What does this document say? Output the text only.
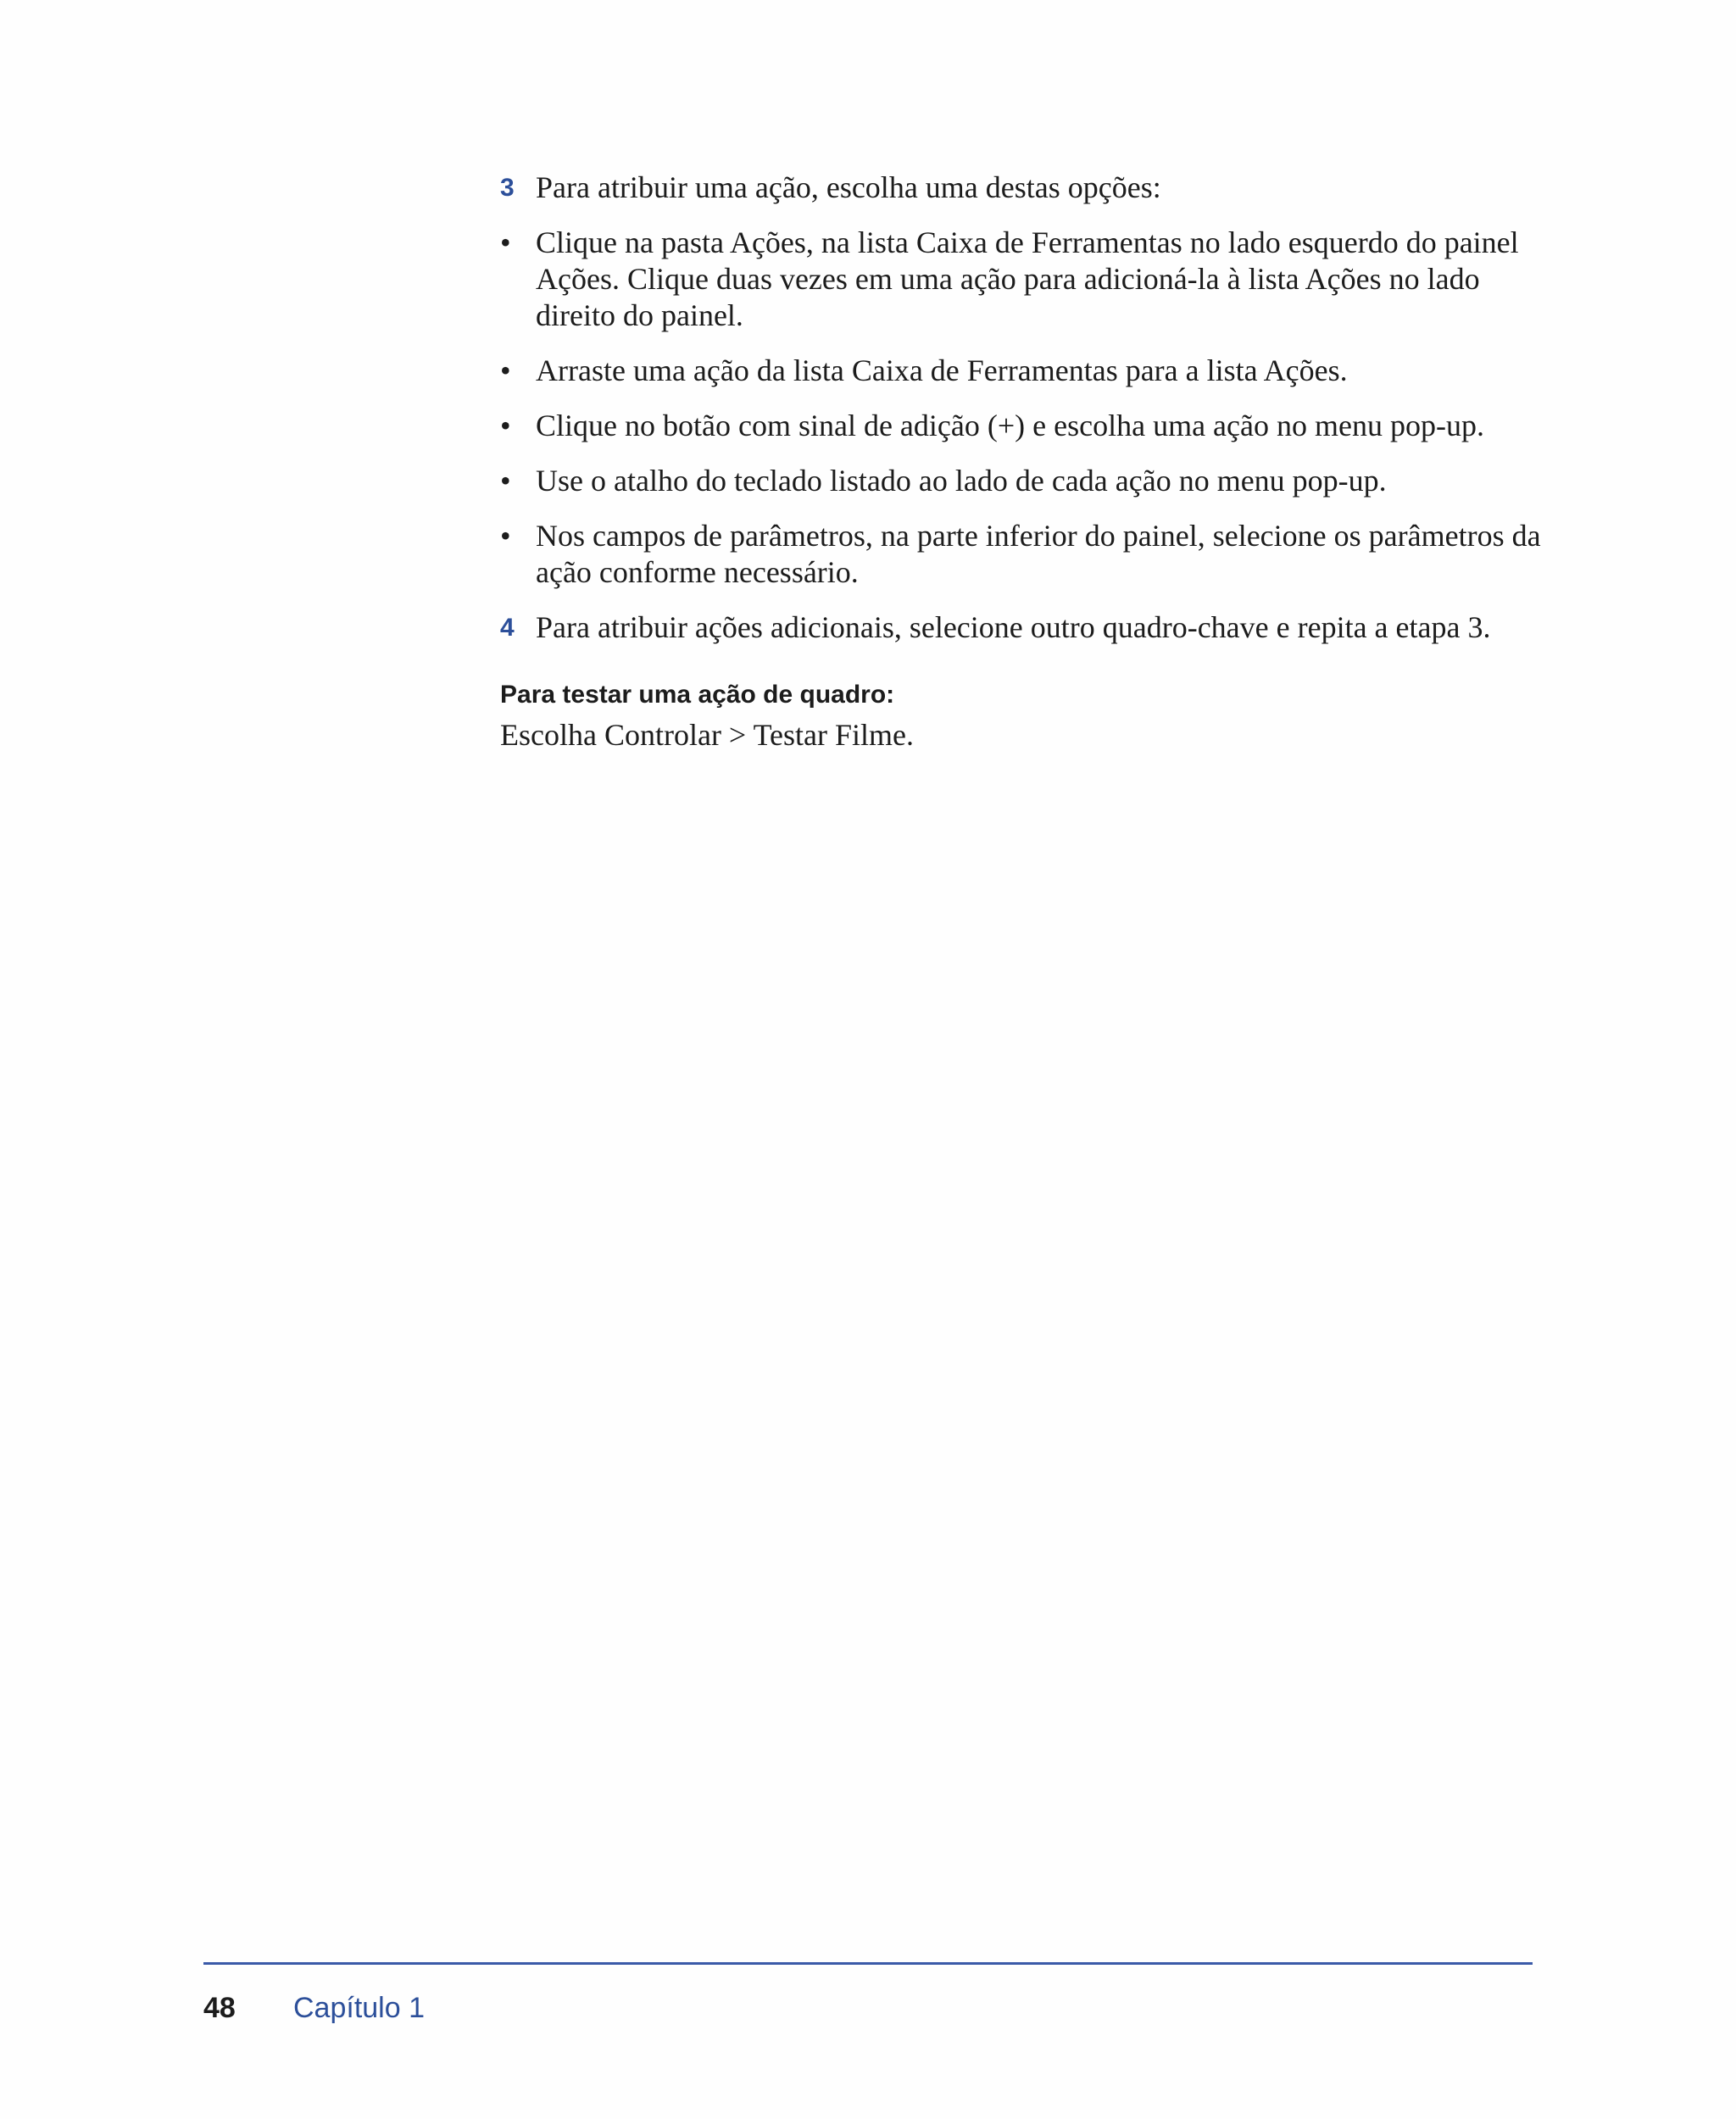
3 Para atribuir uma ação, escolha uma destas opções:
• Clique na pasta Ações, na lista Caixa de Ferramentas no lado esquerdo do painel Ações. Clique duas vezes em uma ação para adicioná-la à lista Ações no lado direito do painel.
• Arraste uma ação da lista Caixa de Ferramentas para a lista Ações.
• Clique no botão com sinal de adição (+) e escolha uma ação no menu pop-up.
• Use o atalho do teclado listado ao lado de cada ação no menu pop-up.
• Nos campos de parâmetros, na parte inferior do painel, selecione os parâmetros da ação conforme necessário.
4 Para atribuir ações adicionais, selecione outro quadro-chave e repita a etapa 3.
Para testar uma ação de quadro:
Escolha Controlar > Testar Filme.
48	Capítulo 1
